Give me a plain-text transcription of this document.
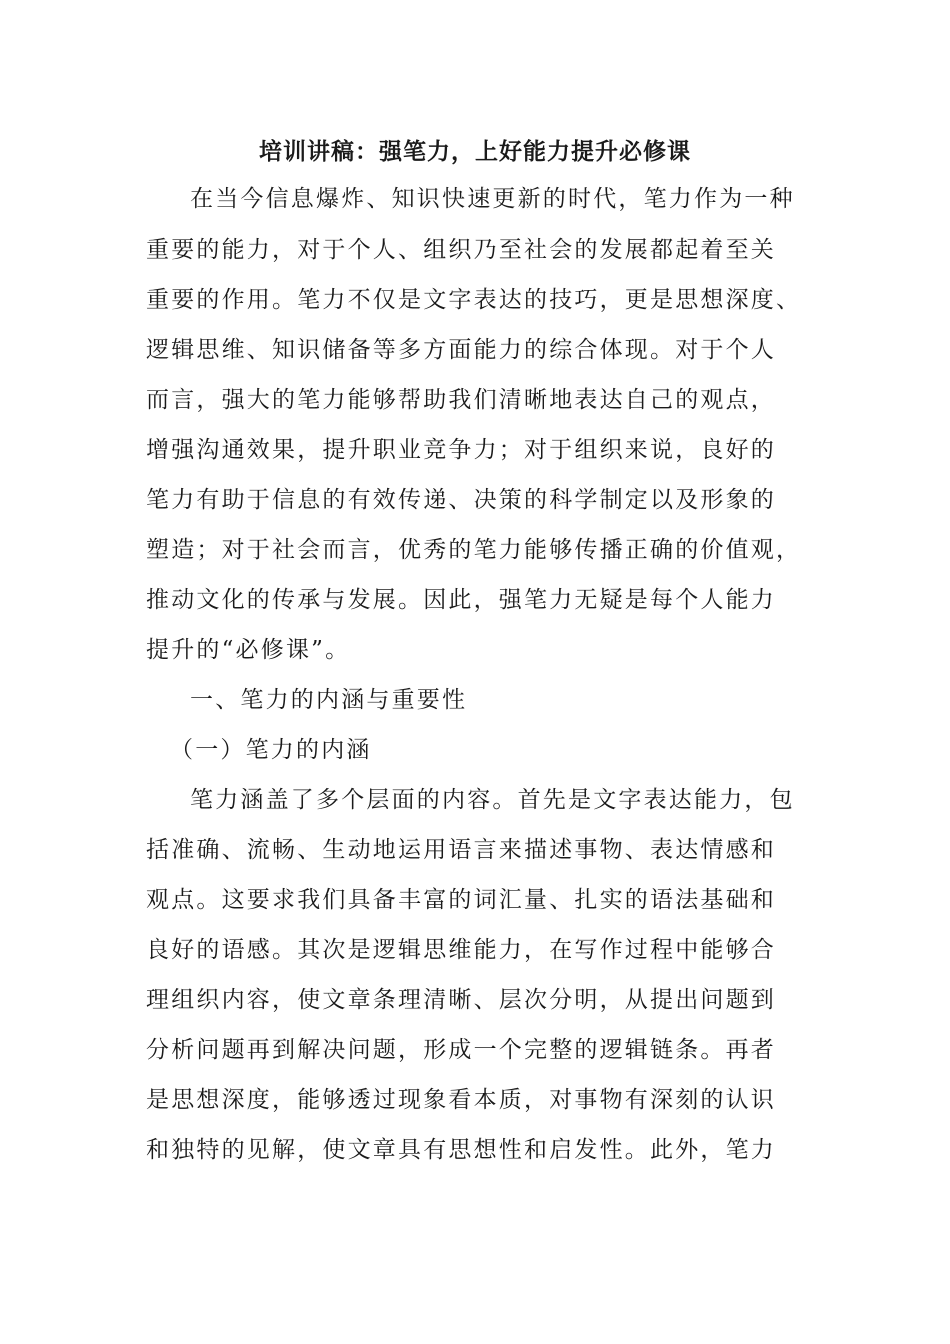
培训讲稿：强笔力，上好能力提升必修课
在当今信息爆炸、知识快速更新的时代，笔力作为一种
重要的能力，对于个人、组织乃至社会的发展都起着至关
重要的作用。笔力不仅是文字表达的技巧，更是思想深度、
逻辑思维、知识储备等多方面能力的综合体现。对于个人
而言，强大的笔力能够帮助我们清晰地表达自己的观点，
增强沟通效果，提升职业竞争力；对于组织来说，良好的
笔力有助于信息的有效传递、决策的科学制定以及形象的
塑造；对于社会而言，优秀的笔力能够传播正确的价值观，
推动文化的传承与发展。因此，强笔力无疑是每个人能力
提升的“必修课”。
一、笔力的内涵与重要性
（一）笔力的内涵
笔力涵盖了多个层面的内容。首先是文字表达能力，包
括准确、流畅、生动地运用语言来描述事物、表达情感和
观点。这要求我们具备丰富的词汇量、扎实的语法基础和
良好的语感。其次是逻辑思维能力，在写作过程中能够合
理组织内容，使文章条理清晰、层次分明，从提出问题到
分析问题再到解决问题，形成一个完整的逻辑链条。再者
是思想深度，能够透过现象看本质，对事物有深刻的认识
和独特的见解，使文章具有思想性和启发性。此外，笔力
